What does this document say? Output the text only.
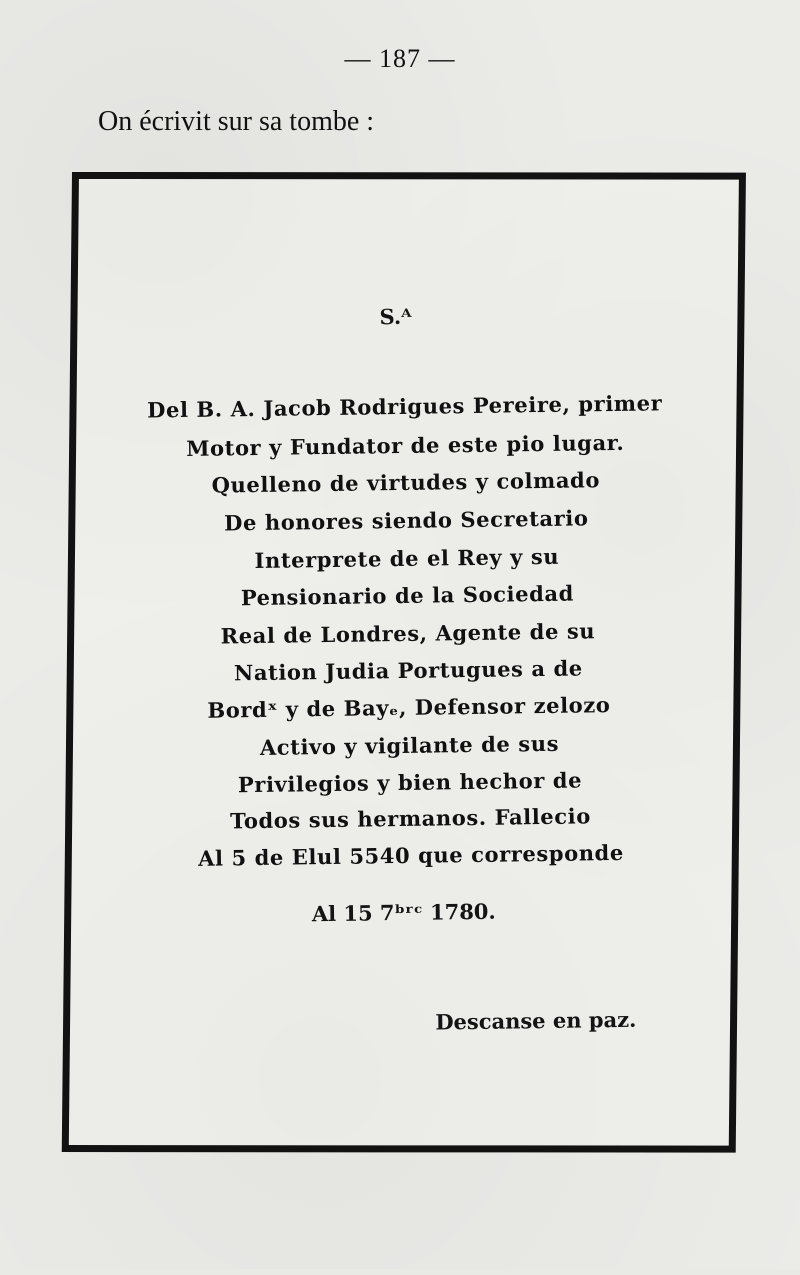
— 187 —
On écrivit sur sa tombe :
S.ᴬ
Del B. A. Jacob Rodrigues Pereire, primer
Motor y Fundator de este pio lugar.
Quelleno de virtudes y colmado
De honores siendo Secretario
Interprete de el Rey y su
Pensionario de la Sociedad
Real de Londres, Agente de su
Nation Judia Portugues a de
Bordˣ y de Bayₑ, Defensor zelozo
Activo y vigilante de sus
Privilegios y bien hechor de
Todos sus hermanos. Fallecio
Al 5 de Elul 5540 que corresponde
Al 15 7ᵇʳᶜ 1780.
Descanse en paz.
